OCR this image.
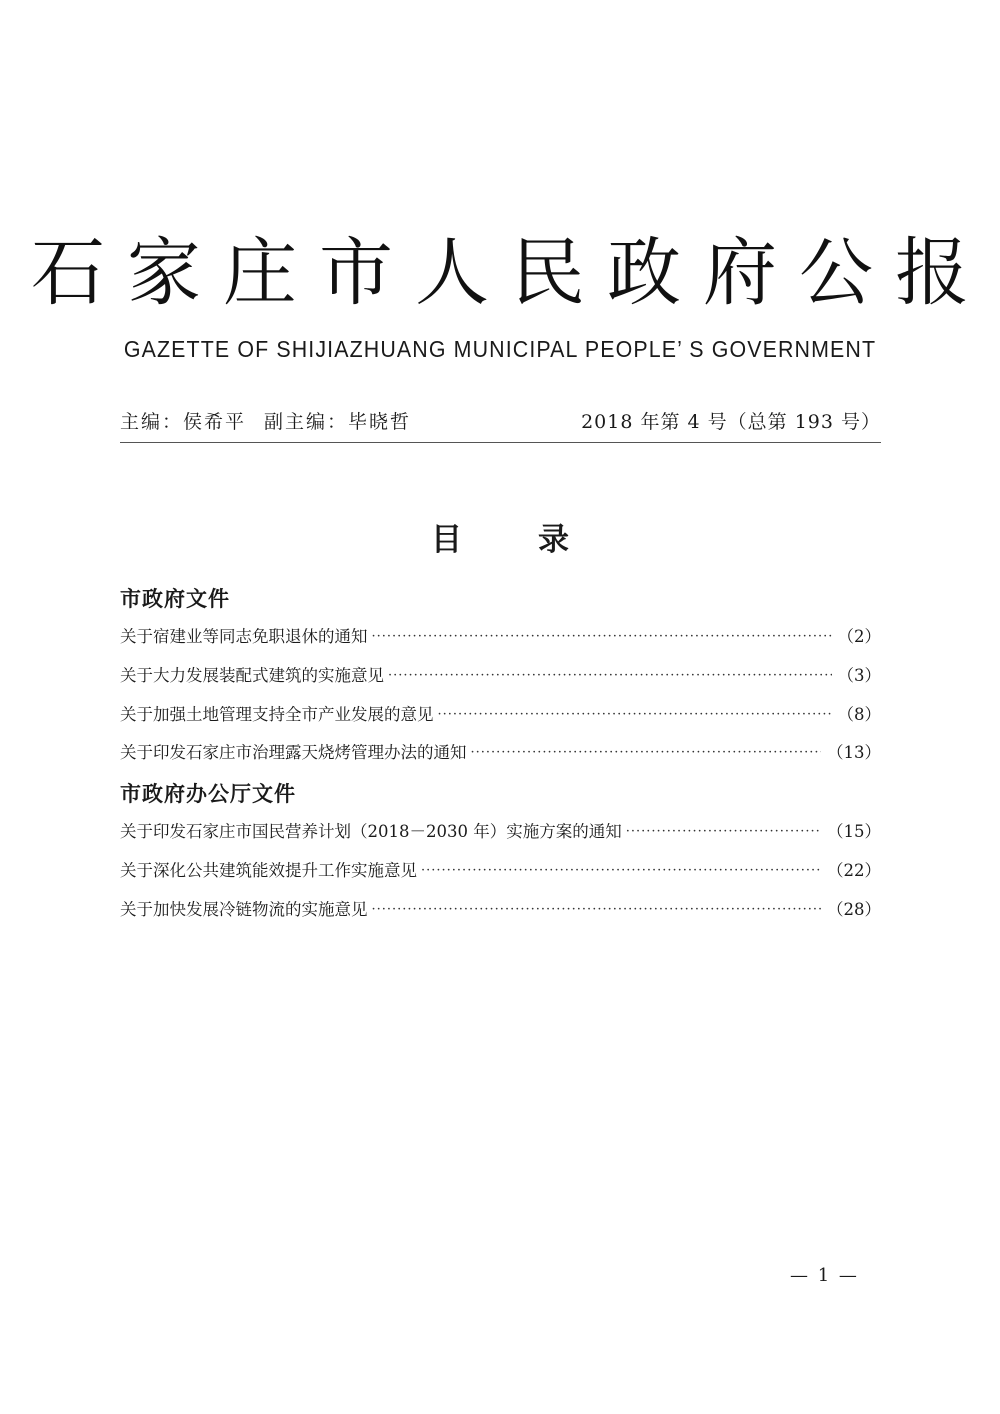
石家庄市人民政府公报
GAZETTE OF SHIJIAZHUANG MUNICIPAL PEOPLE’ S GOVERNMENT
主编：侯希平 副主编：毕晓哲	2018 年第 4 号（总第 193 号）
目 录
市政府文件
关于宿建业等同志免职退休的通知 ·····	（2）
关于大力发展装配式建筑的实施意见 ·····	（3）
关于加强土地管理支持全市产业发展的意见 ·····	（8）
关于印发石家庄市治理露天烧烤管理办法的通知 ·····	（13）
市政府办公厅文件
关于印发石家庄市国民营养计划（2018－2030 年）实施方案的通知 ·····	（15）
关于深化公共建筑能效提升工作实施意见 ·····	（22）
关于加快发展冷链物流的实施意见 ·····	（28）
— 1 —
